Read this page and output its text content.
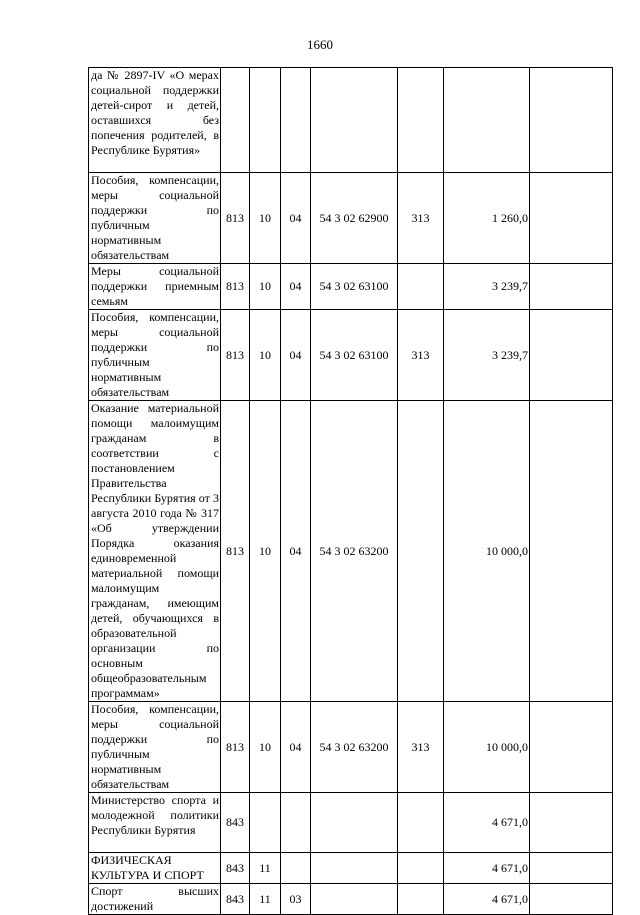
1660
да № 2897-IV «О мерах социальной поддержки детей-сирот и детей, оставшихся без попечения родителей, в Республике Бурятия»							
Пособия, компенсации, меры социальной поддержки по публичным нормативным обязательствам	813	10	04	54 3 02 62900	313	1 260,0	
Меры социальной поддержки приемным семьям	813	10	04	54 3 02 63100		3 239,7	
Пособия, компенсации, меры социальной поддержки по публичным нормативным обязательствам	813	10	04	54 3 02 63100	313	3 239,7	
Оказание материальной помощи малоимущим гражданам в соответствии с постановлением Правительства Республики Бурятия от 3 августа 2010 года № 317 «Об утверждении Порядка оказания единовременной материальной помощи малоимущим гражданам, имеющим детей, обучающихся в образовательной организации по основным общеобразовательным программам»	813	10	04	54 3 02 63200		10 000,0	
Пособия, компенсации, меры социальной поддержки по публичным нормативным обязательствам	813	10	04	54 3 02 63200	313	10 000,0	
Министерство спорта и молодежной политики Республики Бурятия	843					4 671,0	
ФИЗИЧЕСКАЯ КУЛЬТУРА И СПОРТ	843	11				4 671,0	
Спорт высших достижений	843	11	03			4 671,0	
